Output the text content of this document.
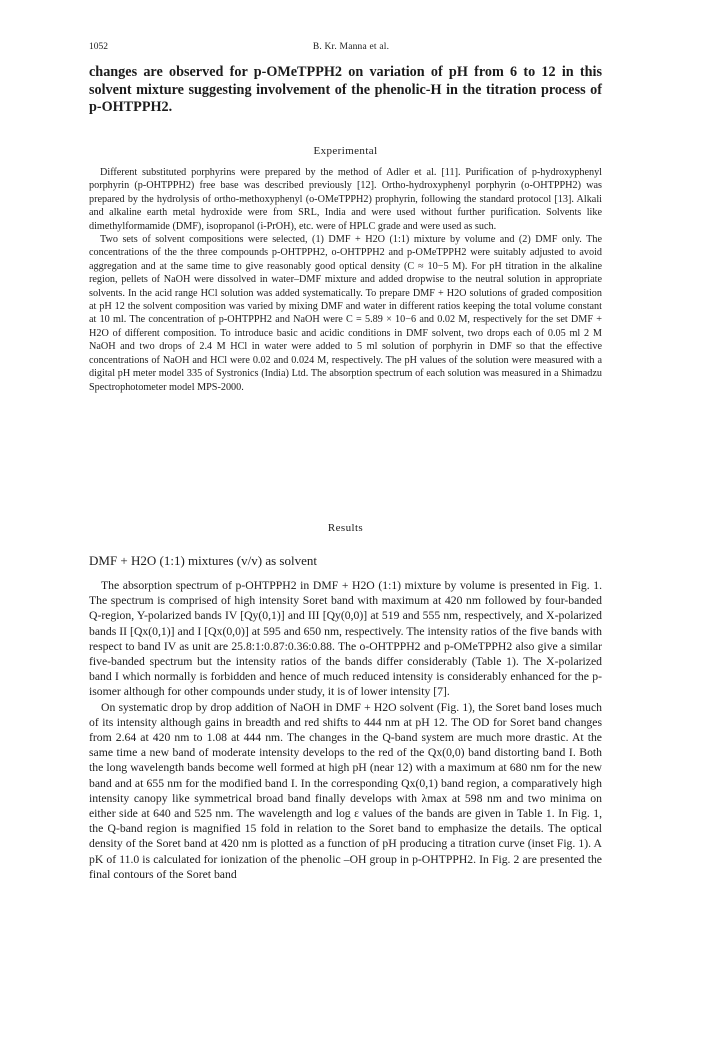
1052	B. Kr. Manna et al.
changes are observed for p-OMeTPPH2 on variation of pH from 6 to 12 in this solvent mixture suggesting involvement of the phenolic-H in the titration process of p-OHTPPH2.
Experimental

Different substituted porphyrins were prepared by the method of Adler et al. [11]. Purification of p-hydroxyphenyl porphyrin (p-OHTPPH2) free base was described previously [12]. Ortho-hydroxyphenyl porphyrin (o-OHTPPH2) was prepared by the hydrolysis of ortho-methoxyphenyl (o-OMeTPPH2) prophyrin, following the standard protocol [13]. Alkali and alkaline earth metal hydroxide were from SRL, India and were used without further purification. Solvents like dimethylformamide (DMF), isopropanol (i-PrOH), etc. were of HPLC grade and were used as such.

Two sets of solvent compositions were selected, (1) DMF + H2O (1:1) mixture by volume and (2) DMF only. The concentrations of the the three compounds p-OHTPPH2, o-OHTPPH2 and p-OMeTPPH2 were suitably adjusted to avoid aggregation and at the same time to give reasonably good optical density (C ≈ 10−5 M). For pH titration in the alkaline region, pellets of NaOH were dissolved in water–DMF mixture and added dropwise to the neutral solution in appropriate solvents. In the acid range HCl solution was added systematically. To prepare DMF + H2O solutions of graded composition at pH 12 the solvent composition was varied by mixing DMF and water in different ratios keeping the total volume constant at 10 ml. The concentration of p-OHTPPH2 and NaOH were C = 5.89 × 10−6 and 0.02 M, respectively for the set DMF + H2O of different composition. To introduce basic and acidic conditions in DMF solvent, two drops each of 0.05 ml 2 M NaOH and two drops of 2.4 M HCl in water were added to 5 ml solution of porphyrin in DMF so that the effective concentrations of NaOH and HCl were 0.02 and 0.024 M, respectively. The pH values of the solution were measured with a digital pH meter model 335 of Systronics (India) Ltd. The absorption spectrum of each solution was measured in a Shimadzu Spectrophotometer model MPS-2000.

Results
DMF + H2O (1:1) mixtures (v/v) as solvent

The absorption spectrum of p-OHTPPH2 in DMF + H2O (1:1) mixture by volume is presented in Fig. 1. The spectrum is comprised of high intensity Soret band with maximum at 420 nm followed by four-banded Q-region, Y-polarized bands IV [Qy(0,1)] and III [Qy(0,0)] at 519 and 555 nm, respectively, and X-polarized bands II [Qx(0,1)] and I [Qx(0,0)] at 595 and 650 nm, respectively. The intensity ratios of the five bands with respect to band IV as unit are 25.8:1:0.87:0.36:0.88. The o-OHTPPH2 and p-OMeTPPH2 also give a similar five-banded spectrum but the intensity ratios of the bands differ considerably (Table 1). The X-polarized band I which normally is forbidden and hence of much reduced intensity is considerably enhanced for the p-isomer although for other compounds under study, it is of lower intensity [7].

On systematic drop by drop addition of NaOH in DMF + H2O solvent (Fig. 1), the Soret band loses much of its intensity although gains in breadth and red shifts to 444 nm at pH 12. The OD for Soret band changes from 2.64 at 420 nm to 1.08 at 444 nm. The changes in the Q-band system are much more drastic. At the same time a new band of moderate intensity develops to the red of the Qx(0,0) band distorting band I. Both the long wavelength bands become well formed at high pH (near 12) with a maximum at 680 nm for the new band and at 655 nm for the modified band I. In the corresponding Qx(0,1) band region, a comparatively high intensity canopy like symmetrical broad band finally develops with λmax at 598 nm and two minima on either side at 640 and 525 nm. The wavelength and log ε values of the bands are given in Table 1. In Fig. 1, the Q-band region is magnified 15 fold in relation to the Soret band to emphasize the details. The optical density of the Soret band at 420 nm is plotted as a function of pH producing a titration curve (inset Fig. 1). A pK of 11.0 is calculated for ionization of the phenolic –OH group in p-OHTPPH2. In Fig. 2 are presented the final contours of the Soret band
